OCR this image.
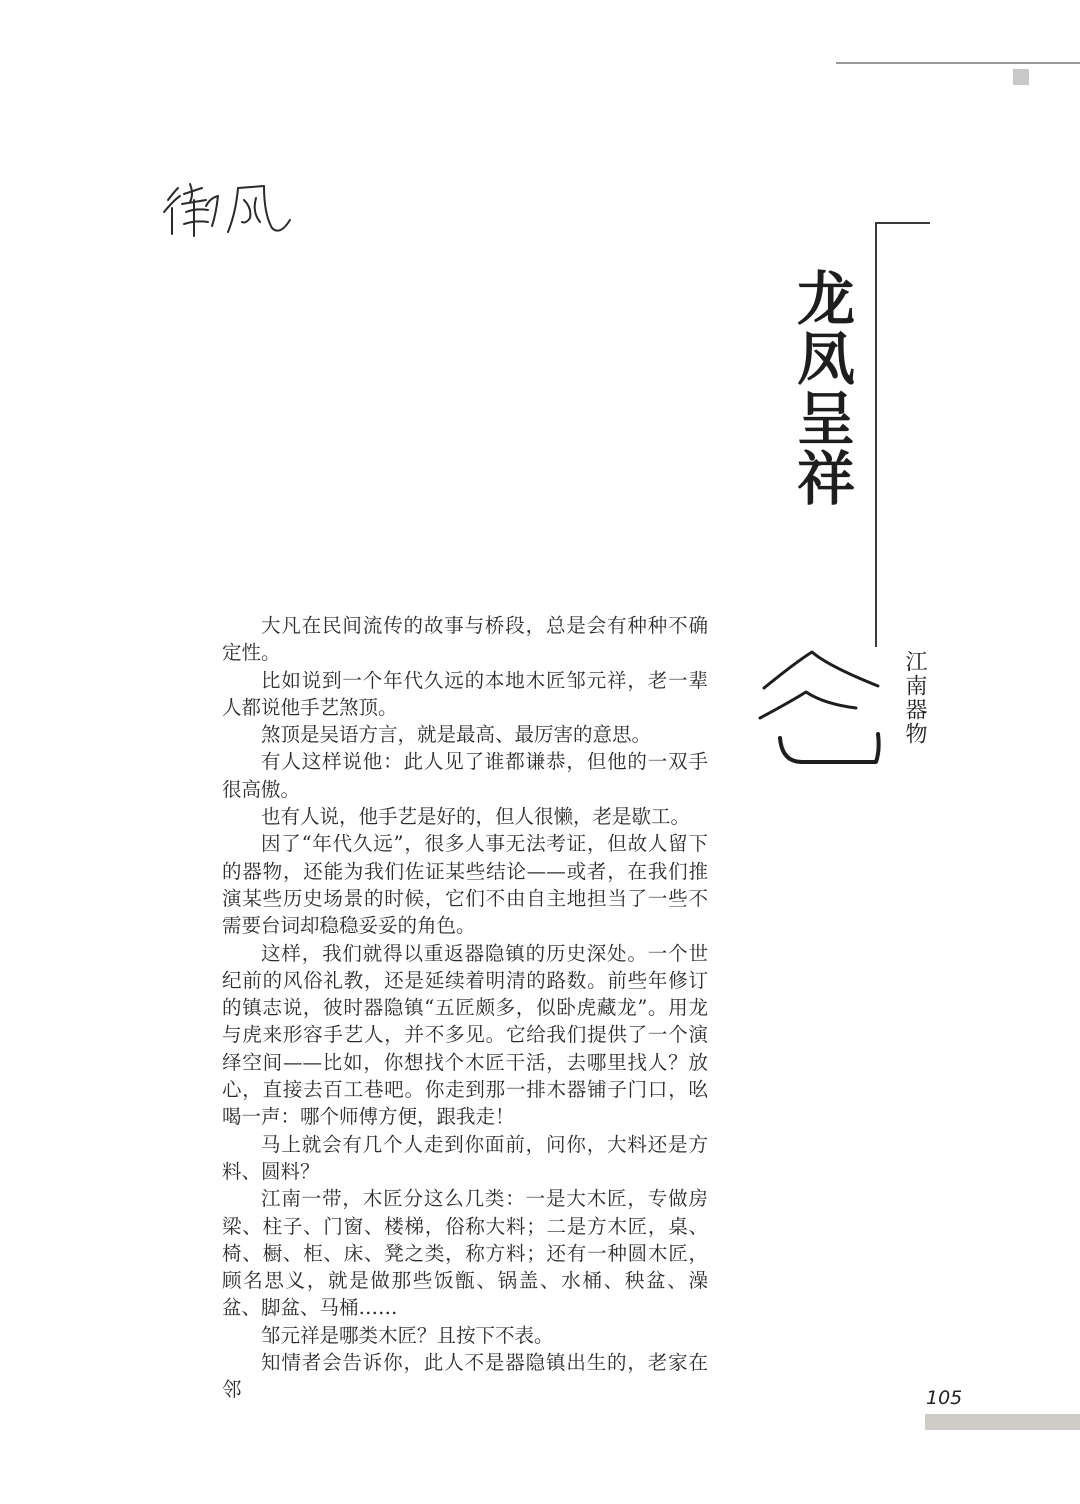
龙凤呈祥
江南器物

大凡在民间流传的故事与桥段，总是会有种种不确定性。

比如说到一个年代久远的本地木匠邹元祥，老一辈人都说他手艺煞顶。

煞顶是吴语方言，就是最高、最厉害的意思。

有人这样说他：此人见了谁都谦恭，但他的一双手很高傲。

也有人说，他手艺是好的，但人很懒，老是歇工。

因了“年代久远”，很多人事无法考证，但故人留下的器物，还能为我们佐证某些结论——或者，在我们推演某些历史场景的时候，它们不由自主地担当了一些不需要台词却稳稳妥妥的角色。

这样，我们就得以重返器隐镇的历史深处。一个世纪前的风俗礼教，还是延续着明清的路数。前些年修订的镇志说，彼时器隐镇“五匠颇多，似卧虎藏龙”。用龙与虎来形容手艺人，并不多见。它给我们提供了一个演绎空间——比如，你想找个木匠干活，去哪里找人？放心，直接去百工巷吧。你走到那一排木器铺子门口，吆喝一声：哪个师傅方便，跟我走！

马上就会有几个人走到你面前，问你，大料还是方料、圆料？

江南一带，木匠分这么几类：一是大木匠，专做房梁、柱子、门窗、楼梯，俗称大料；二是方木匠，桌、椅、橱、柜、床、凳之类，称方料；还有一种圆木匠，顾名思义，就是做那些饭甑、锅盖、水桶、秧盆、澡盆、脚盆、马桶……

邹元祥是哪类木匠？且按下不表。

知情者会告诉你，此人不是器隐镇出生的，老家在邻	105
